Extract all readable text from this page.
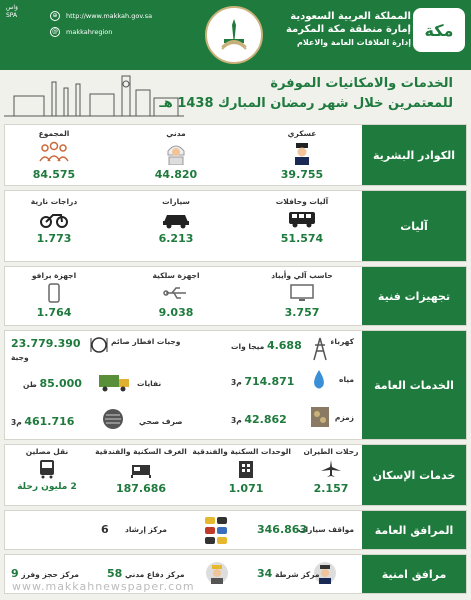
وَاس
SPA	⊕	http://www.makkah.gov.sa
@	makkahregion
المملكة العربية السعودية
إمارة منطقة مكة المكرمة
إدارة العلاقات العامة والاعلام
مكة
الخدمات والامكانيات الموفرة
للمعتمرين خلال شهر رمضان المبارك 1438 هـ
الكوادر البشرية
عسكري
39.755
مدني
44.820
المجموع
84.575
آليات
آليات وحافلات
51.574
سيارات
6.213
دراجات نارية
1.773
تجهيزات فنية
حاسب آلي وأيباد
3.757
اجهزة سلكية
9.038
اجهزة برافو
1.764
الخدمات العامة
كهرباء
4.688 ميجا وات
مياه
714.871 م3
زمزم
42.862 م3
وجبات افطار صائم
23.779.390
وجبة
نفايات
85.000 طن
صرف صحي
461.716 م3
خدمات الإسكان
رحلات الطيران
2.157
الوحدات السكنية والفندقية
1.071
الغرف السكنية والفندقية
187.686
نقل مصلين
2 مليون رحلة
المرافق العامة
مواقف سيارات
346.863
مركز إرشاد
6
مرافق امنية
مركز شرطة 34
مركز دفاع مدني 58
مركز حجز وفرز 9
www.makkahnewspaper.com
